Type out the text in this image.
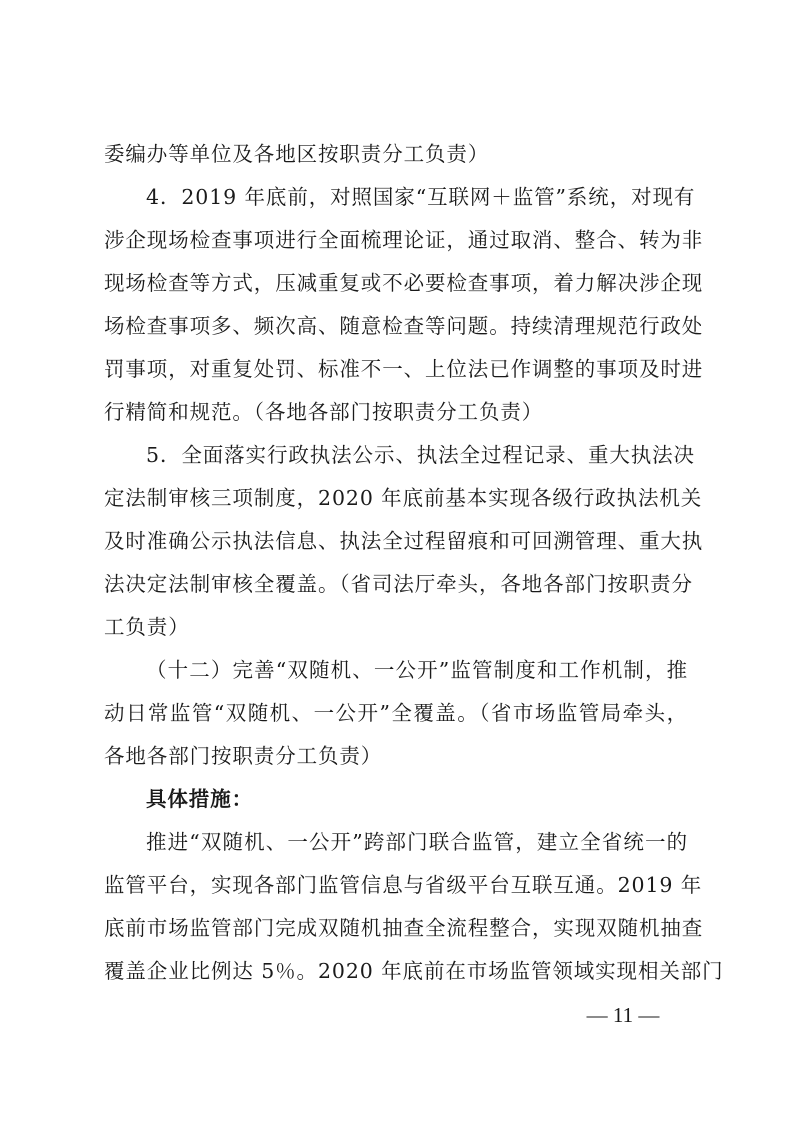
委编办等单位及各地区按职责分工负责）
4．2019 年底前，对照国家“互联网＋监管”系统，对现有
涉企现场检查事项进行全面梳理论证，通过取消、整合、转为非
现场检查等方式，压减重复或不必要检查事项，着力解决涉企现
场检查事项多、频次高、随意检查等问题。持续清理规范行政处
罚事项，对重复处罚、标准不一、上位法已作调整的事项及时进
行精简和规范。（各地各部门按职责分工负责）
5．全面落实行政执法公示、执法全过程记录、重大执法决
定法制审核三项制度，2020 年底前基本实现各级行政执法机关
及时准确公示执法信息、执法全过程留痕和可回溯管理、重大执
法决定法制审核全覆盖。（省司法厅牵头，各地各部门按职责分
工负责）
（十二）完善“双随机、一公开”监管制度和工作机制，推
动日常监管“双随机、一公开”全覆盖。（省市场监管局牵头，
各地各部门按职责分工负责）
具体措施：
推进“双随机、一公开”跨部门联合监管，建立全省统一的
监管平台，实现各部门监管信息与省级平台互联互通。2019 年
底前市场监管部门完成双随机抽查全流程整合，实现双随机抽查
覆盖企业比例达 5％。2020 年底前在市场监管领域实现相关部门
— 11 —
